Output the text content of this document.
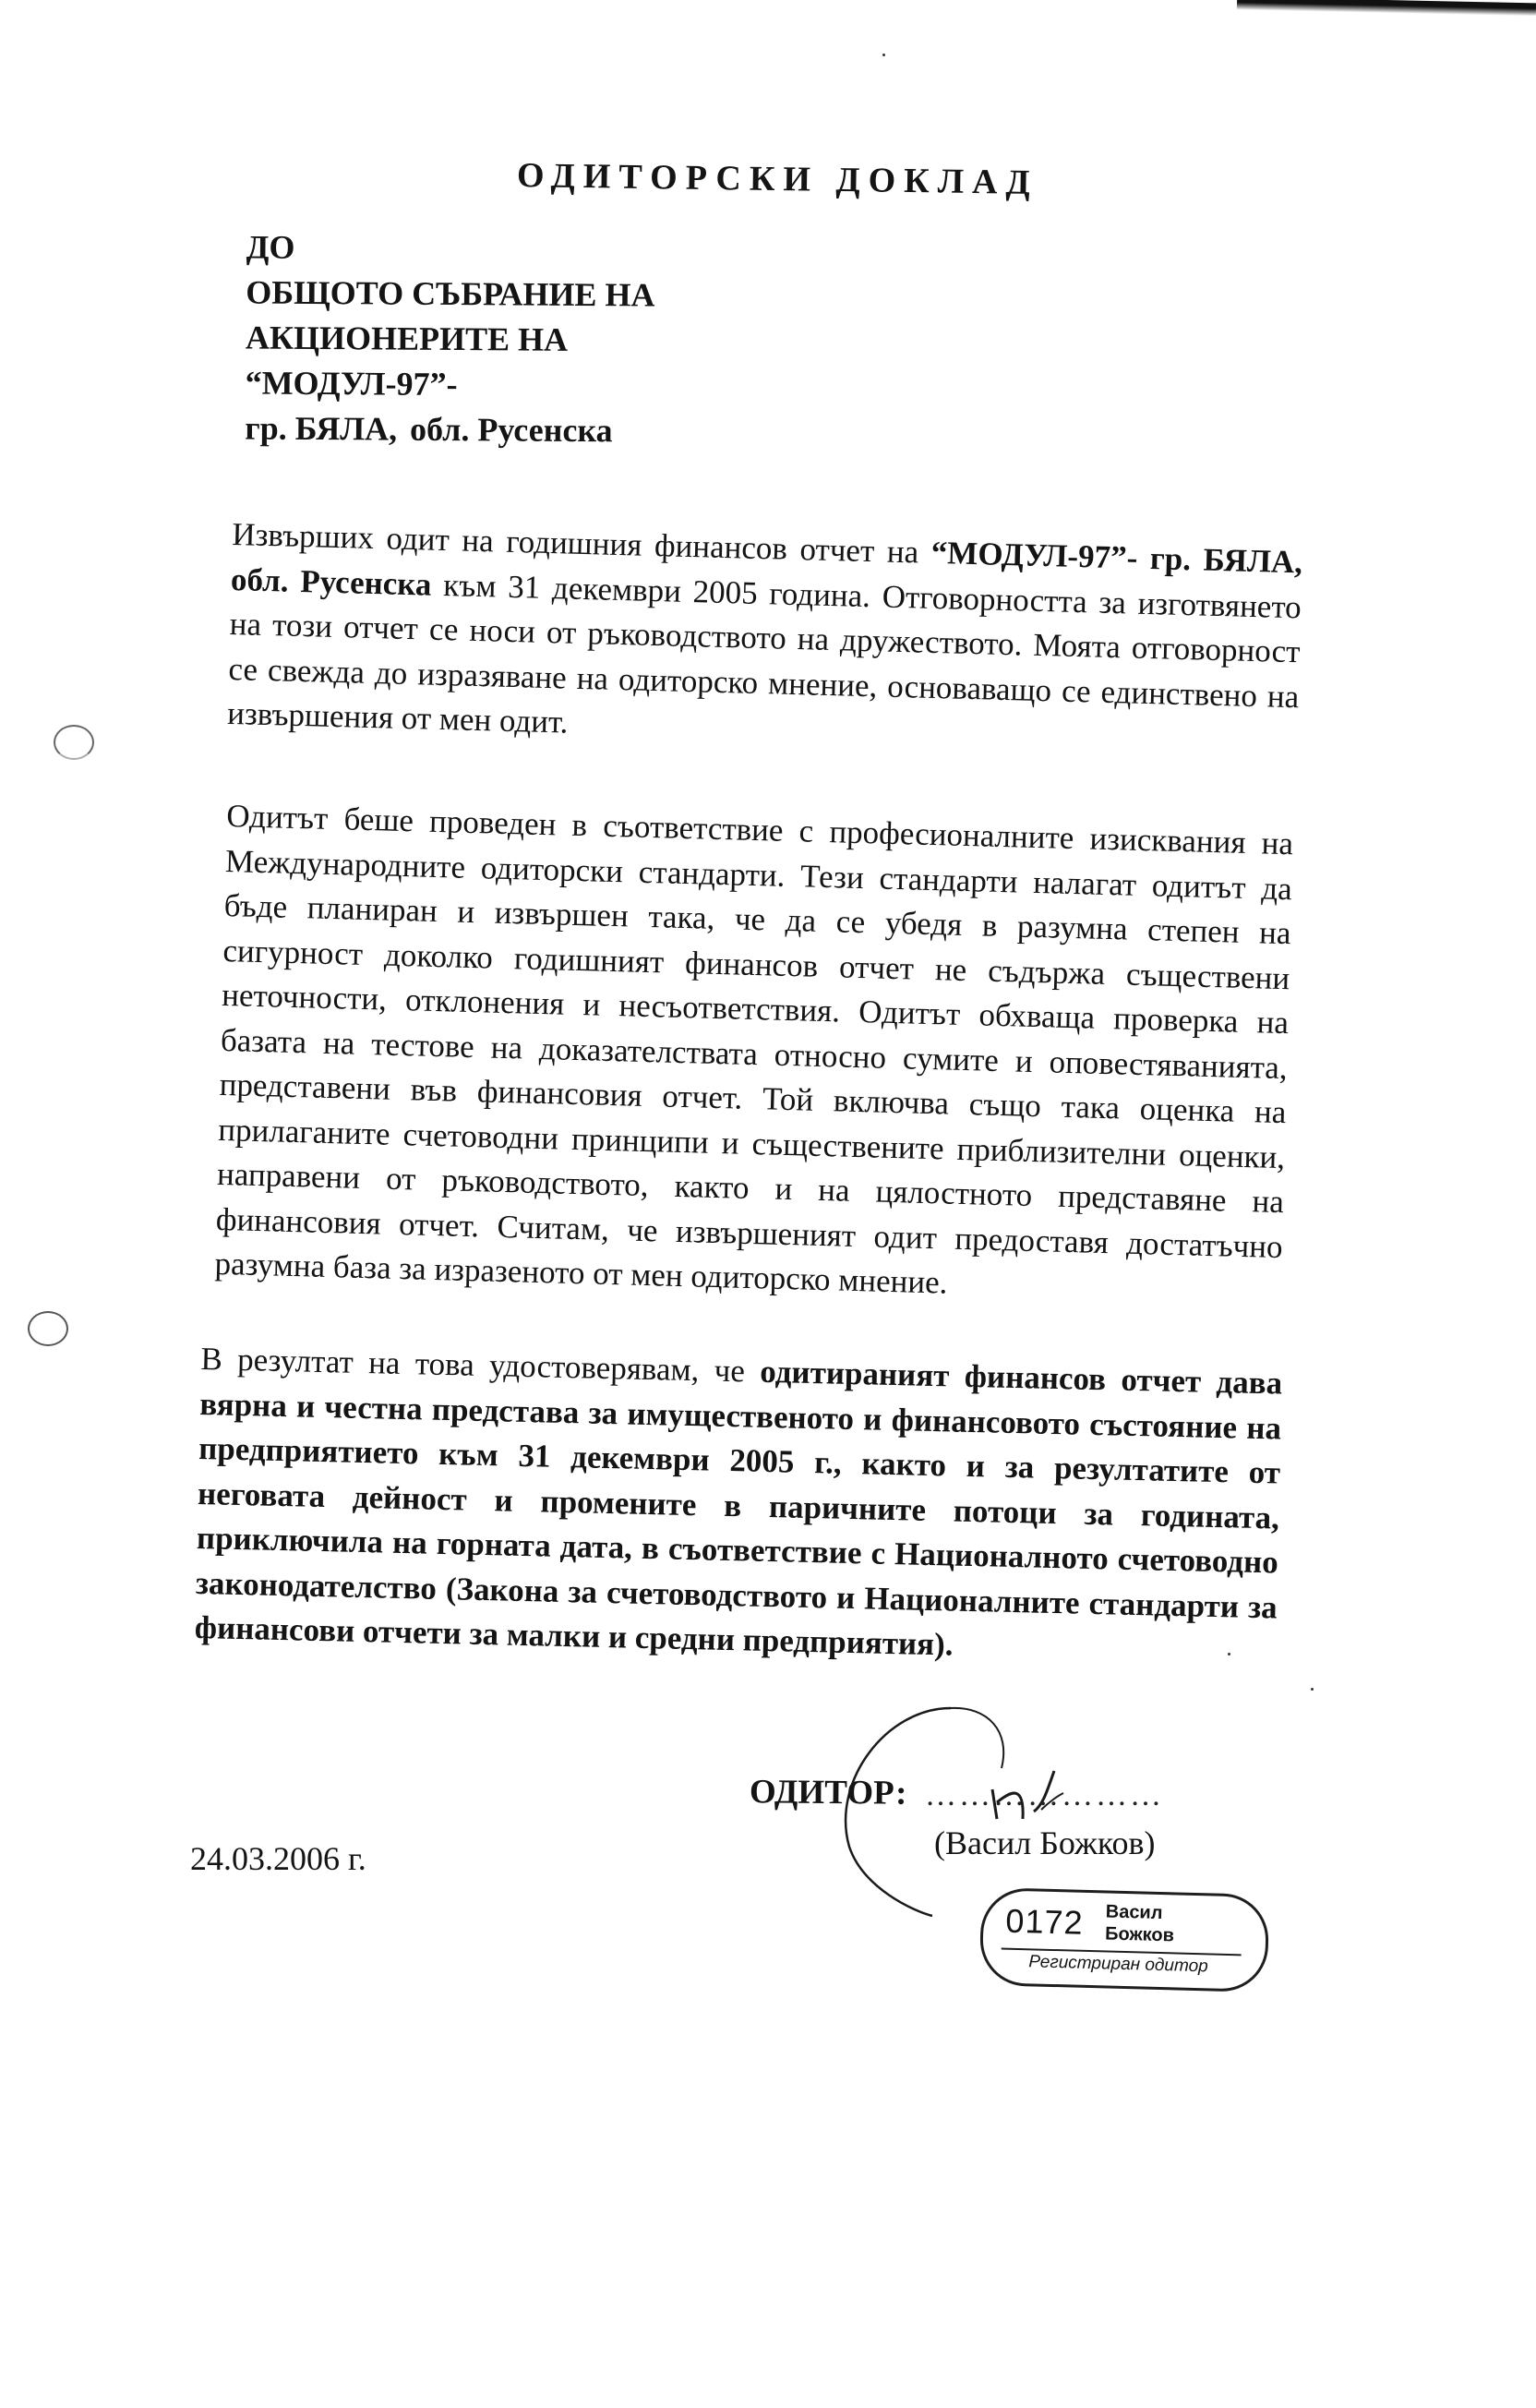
ОДИТОРСКИ ДОКЛАД
ДО
ОБЩОТО СЪБРАНИЕ НА
АКЦИОНЕРИТЕ НА
“МОДУЛ-97”-
гр. БЯЛА, обл. Русенска
Извърших одит на годишния финансов отчет на “МОДУЛ-97”- гр. БЯЛА, обл. Русенска към 31 декември 2005 година. Отговорността за изготвянето на този отчет се носи от ръководството на дружеството. Моята отговорност се свежда до изразяване на одиторско мнение, основаващо се единствено на извършения от мен одит.
Одитът беше проведен в съответствие с професионалните изисквания на Международните одиторски стандарти. Тези стандарти налагат одитът да бъде планиран и извършен така, че да се убедя в разумна степен на сигурност доколко годишният финансов отчет не съдържа съществени неточности, отклонения и несъответствия. Одитът обхваща проверка на базата на тестове на доказателствата относно сумите и оповестяванията, представени във финансовия отчет. Той включва също така оценка на прилаганите счетоводни принципи и съществените приблизителни оценки, направени от ръководството, както и на цялостното представяне на финансовия отчет. Считам, че извършеният одит предоставя достатъчно разумна база за изразеното от мен одиторско мнение.
В резултат на това удостоверявам, че одитираният финансов отчет дава вярна и честна представа за имущественото и финансовото състояние на предприятието към 31 декември 2005 г., както и за резултатите от неговата дейност и промените в паричните потоци за годината, приключила на горната дата, в съответствие с Националното счетоводно законодателство (Закона за счетоводството и Националните стандарти за финансови отчети за малки и средни предприятия).
ОДИТОР: …………………
(Васил Божков)
24.03.2006 г.
0172 Васил
Божков
Регистриран одитор
